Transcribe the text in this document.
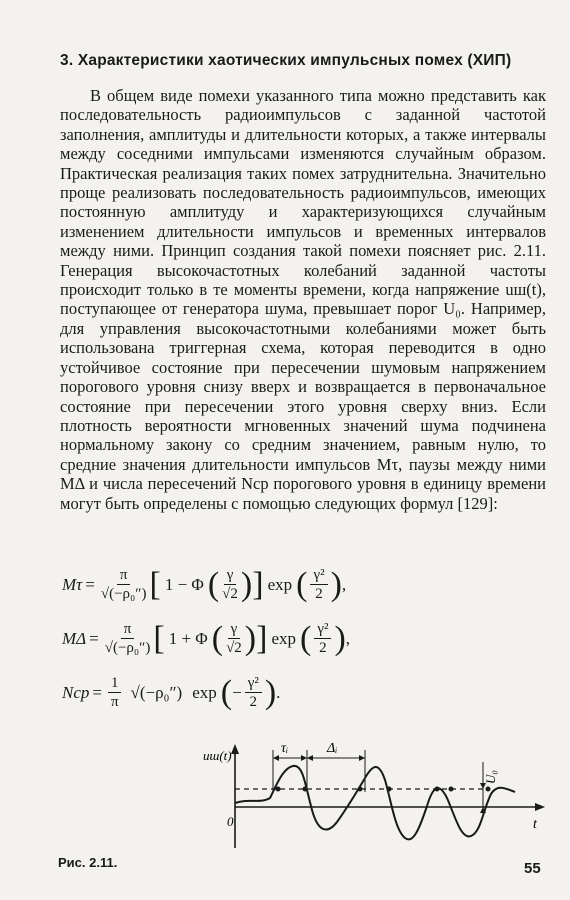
3. Характеристики хаотических импульсных помех (ХИП)
В общем виде помехи указанного типа можно представить как последовательность радиоимпульсов с заданной частотой заполнения, амплитуды и длительности которых, а также интервалы между соседними импульсами изменяются случайным образом. Практическая реализация таких помех затруднительна. Значительно проще реализовать последовательность радиоимпульсов, имеющих постоянную амплитуду и характеризующихся случайным изменением длительности импульсов и временных интервалов между ними. Принцип создания такой помехи поясняет рис. 2.11. Генерация высокочастотных колебаний заданной частоты происходит только в те моменты времени, когда напряжение uш(t), поступающее от генератора шума, превышает порог U₀. Например, для управления высокочастотными колебаниями может быть использована триггерная схема, которая переводится в одно устойчивое состояние при пересечении шумовым напряжением порогового уровня снизу вверх и возвращается в первоначальное состояние при пересечении этого уровня сверху вниз. Если плотность вероятности мгновенных значений шума подчинена нормальному закону со средним значением, равным нулю, то средние значения длительности импульсов Mτ, паузы между ними MΔ и числа пересечений Nср порогового уровня в единицу времени могут быть определены с помощью следующих формул [129]:
$M\tau = \frac{\pi}{\text{√(−ρ₀″)}}$ [ 1 − Φ ( $\frac{\gamma}{√2}$ ) ] exp ( $\frac{\text{γ²}}{2}$ ) ,
$M\Delta = \frac{\pi}{\text{√(−ρ₀″)}}$ [ 1 + Φ ( $\frac{\gamma}{√2}$ ) ] exp ( $\frac{\text{γ²}}{2}$ ) ,
Nср = $\frac{1}{\pi} √(-\rho_0'')$ exp ( − $\frac{\text{γ²}}{2}$ ) .
uш(t)
t
0
τᵢ	Δᵢ
U₀
Рис. 2.11.	55
